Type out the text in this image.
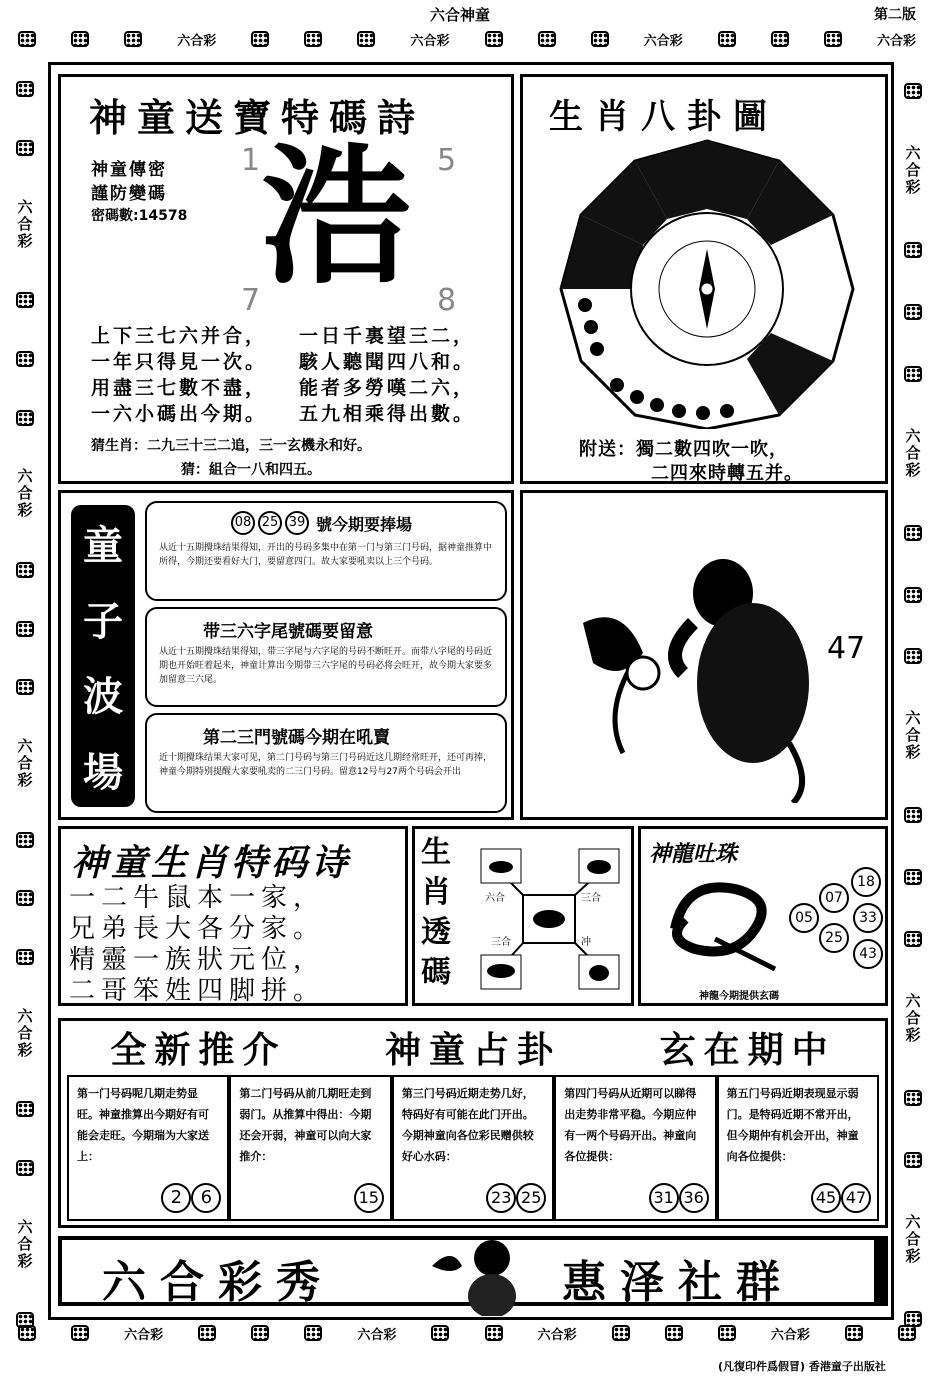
六合神童	第二版
六合彩	六合彩	六合彩	六合彩
六合彩
六合彩
六合彩
六合彩
六合彩
六合彩
六合彩
六合彩
六合彩
六合彩
神童送寶特碼詩
神童傳密
謹防變碼
密碼數:14578
1	5
7	8
浩
上下三七六并合，
一年只得見一次。
用盡三七數不盡，
一六小碼出今期。
一日千裏望三二，
駭人聽聞四八和。
能者多勞嘆二六，
五九相乘得出數。
猜生肖：二九三十三二追，三一玄機永和好。
猜：組合一八和四五。
生肖八卦圖
附送：獨二數四吹一吹，
二四來時轉五并。
童
子
波
場
08 25 39 號今期要捧場
从近十五期攪珠结果得知，开出的号码多集中在第一门与第三门号码，据神童推算中所得，今期还要看好大门，要留意四门。故大家要吼卖以上三个号码。
带三六字尾號碼要留意
从近十五期攪珠结果得知，带三字尾与六字尾的号码不断旺开。而带八字尾的号码近期也开始旺着起来，神童计算出今期带三六字尾的号码必将会旺开，故今期大家要多加留意三六尾。
第二三門號碼今期在吼賣
近十期攪珠结果大家可见，第二门号码与第三门号码近这几期经常旺开，还可再捧，神童今期特别提醒大家要吼卖的二三门号码。留意12号与27两个号码会开出
47
神童生肖特码诗
一二牛鼠本一家，
兄弟長大各分家。
精靈一族狀元位，
二哥笨姓四脚拼。
生
肖
透
碼
六合	三合
三合	冲
神龍吐珠
18
07
33
05
25
43
神龍今期提供玄碼
全新推介	神童占卦	玄在期中
第一门号码呢几期走势显旺。神童推算出今期好有可能会走旺。今期瑞为大家送上：
2	6
第二门号码从前几期旺走到弱门。从推算中得出：今期还会开弱，神童可以向大家推介：
15
第三门号码近期走势几好，特码好有可能在此门开出。今期神童向各位彩民赠供较好心水码：
23 25
第四门号码从近期可以睇得出走势非常平稳。今期应仲有一两个号码开出。神童向各位提供：
31 36
第五门号码近期表现显示弱门。是特码近期不常开出，但今期仲有机会开出，神童向各位提供：
45 47
六合彩秀	惠泽社群
六合彩	六合彩	六合彩	六合彩
(凡復印件爲假冒) 香港童子出版社
